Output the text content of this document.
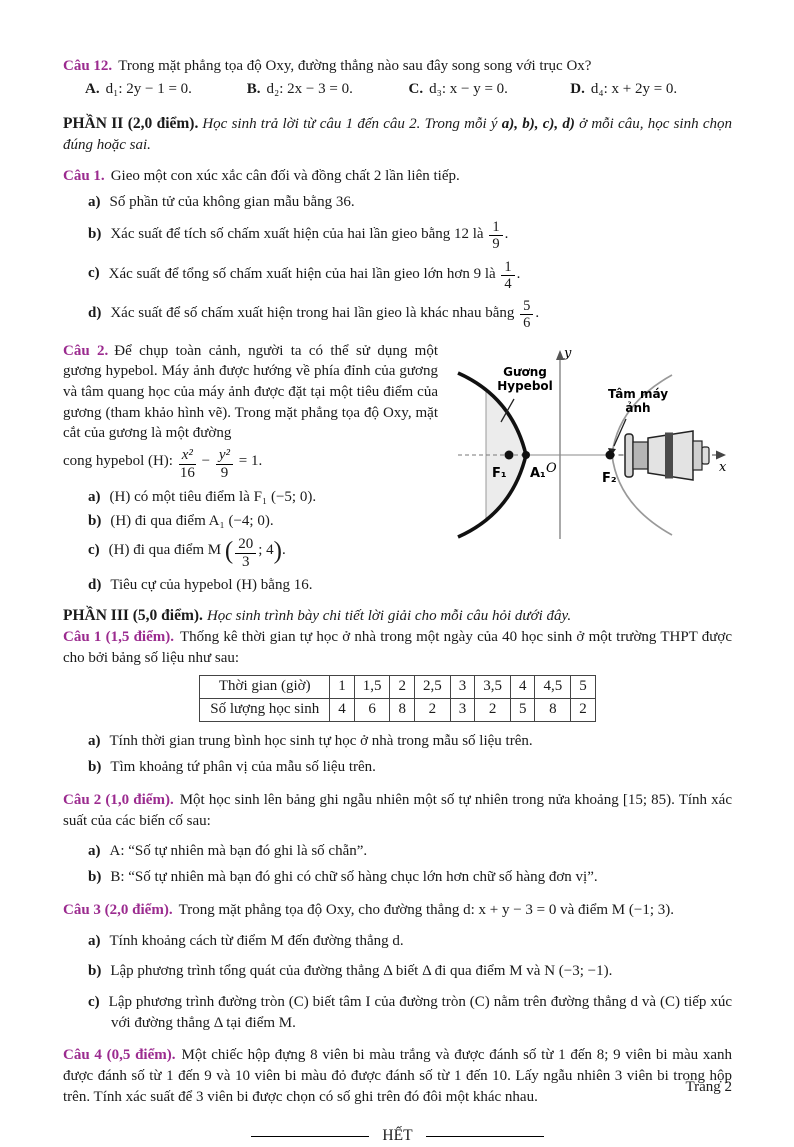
Câu 12. Trong mặt phẳng tọa độ Oxy, đường thẳng nào sau đây song song với trục Ox?

A. d₁: 2y − 1 = 0.	B. d₂: 2x − 3 = 0.	C. d₃: x − y = 0.	D. d₄: x + 2y = 0.

PHẦN II (2,0 điểm). Học sinh trả lời từ câu 1 đến câu 2. Trong mỗi ý a), b), c), d) ở mỗi câu, học sinh chọn đúng hoặc sai.

Câu 1. Gieo một con xúc xắc cân đối và đồng chất 2 lần liên tiếp.

a) Số phần tử của không gian mẫu bằng 36.

b) Xác suất để tích số chấm xuất hiện của hai lần gieo bằng 12 là $\frac{1}{9}$ .

c) Xác suất để tổng số chấm xuất hiện của hai lần gieo lớn hơn 9 là $\frac{1}{4}$ .

d) Xác suất để số chấm xuất hiện trong hai lần gieo là khác nhau bằng $\frac{5}{6}$ .

Gương
Hypebol
Tâm máy
ảnh
y
x
O
F₁ A₁	F₂

Câu 2. Để chụp toàn cảnh, người ta có thể sử dụng một gương hypebol. Máy ảnh được hướng về phía đỉnh của gương và tâm quang học của máy ảnh được đặt tại một tiêu điểm của gương (tham khảo hình vẽ). Trong mặt phẳng tọa độ Oxy, mặt cắt của gương là một đường

cong hypebol (H): $\frac{\text{x²}}{16} - \frac{\text{y²}}{9} = 1$.

a) (H) có một tiêu điểm là F₁ (−5; 0).

b) (H) đi qua điểm A₁ (−4; 0).

c) (H) đi qua điểm M ( $\frac{20}{3}$ ; 4).

d) Tiêu cự của hypebol (H) bằng 16.

PHẦN III (5,0 điểm). Học sinh trình bày chi tiết lời giải cho mỗi câu hỏi dưới đây.

Câu 1 (1,5 điểm). Thống kê thời gian tự học ở nhà trong một ngày của 40 học sinh ở một trường THPT được cho bởi bảng số liệu như sau:

Thời gian (giờ)	1	1,5	2	2,5	3	3,5	4	4,5	5
Số lượng học sinh	4	6	8	2	3	2	5	8	2

a) Tính thời gian trung bình học sinh tự học ở nhà trong mẫu số liệu trên.

b) Tìm khoảng tứ phân vị của mẫu số liệu trên.

Câu 2 (1,0 điểm). Một học sinh lên bảng ghi ngẫu nhiên một số tự nhiên trong nửa khoảng [15; 85). Tính xác suất của các biến cố sau:

a) A: “Số tự nhiên mà bạn đó ghi là số chẵn”.

b) B: “Số tự nhiên mà bạn đó ghi có chữ số hàng chục lớn hơn chữ số hàng đơn vị”.

Câu 3 (2,0 điểm). Trong mặt phẳng tọa độ Oxy, cho đường thẳng d: x + y − 3 = 0 và điểm M (−1; 3).

a) Tính khoảng cách từ điểm M đến đường thẳng d.

b) Lập phương trình tổng quát của đường thẳng Δ biết Δ đi qua điểm M và N (−3; −1).

c) Lập phương trình đường tròn (C) biết tâm I của đường tròn (C) nằm trên đường thẳng d và (C) tiếp xúc với đường thẳng Δ tại điểm M.

Câu 4 (0,5 điểm). Một chiếc hộp đựng 8 viên bi màu trắng và được đánh số từ 1 đến 8; 9 viên bi màu xanh được đánh số từ 1 đến 9 và 10 viên bi màu đỏ được đánh số từ 1 đến 10. Lấy ngẫu nhiên 3 viên bi trong hộp trên. Tính xác suất để 3 viên bi được chọn có số ghi trên đó đôi một khác nhau.

HẾT
Trang 2
